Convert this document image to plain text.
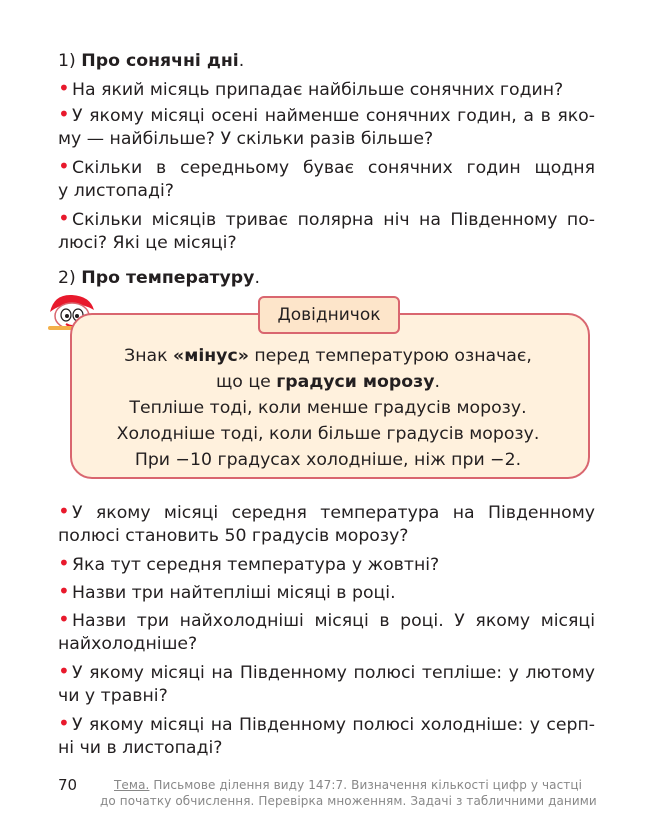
1) Про сонячні дні.
• На який місяць припадає найбільше сонячних годин?
• У якому місяці осені найменше сонячних годин, а в яко-
му — найбільше? У скільки разів більше?
• Скільки в середньому буває сонячних годин щодня
у листопаді?
• Скільки місяців триває полярна ніч на Південному по-
люсі? Які це місяці?
2) Про температуру.
Довідничок
Знак «мінус» перед температурою означає,
що це градуси морозу.
Тепліше тоді, коли менше градусів морозу.
Холодніше тоді, коли більше градусів морозу.
При −10 градусах холодніше, ніж при −2.
• У якому місяці середня температура на Південному
полюсі становить 50 градусів морозу?
• Яка тут середня температура у жовтні?
• Назви три найтепліші місяці в році.
• Назви три найхолодніші місяці в році. У якому місяці
найхолодніше?
• У якому місяці на Південному полюсі тепліше: у лютому
чи у травні?
• У якому місяці на Південному полюсі холодніше: у серп-
ні чи в листопаді?
70	Тема. Письмове ділення виду 147:7. Визначення кількості цифр у частці
до початку обчислення. Перевірка множенням. Задачі з табличними даними
